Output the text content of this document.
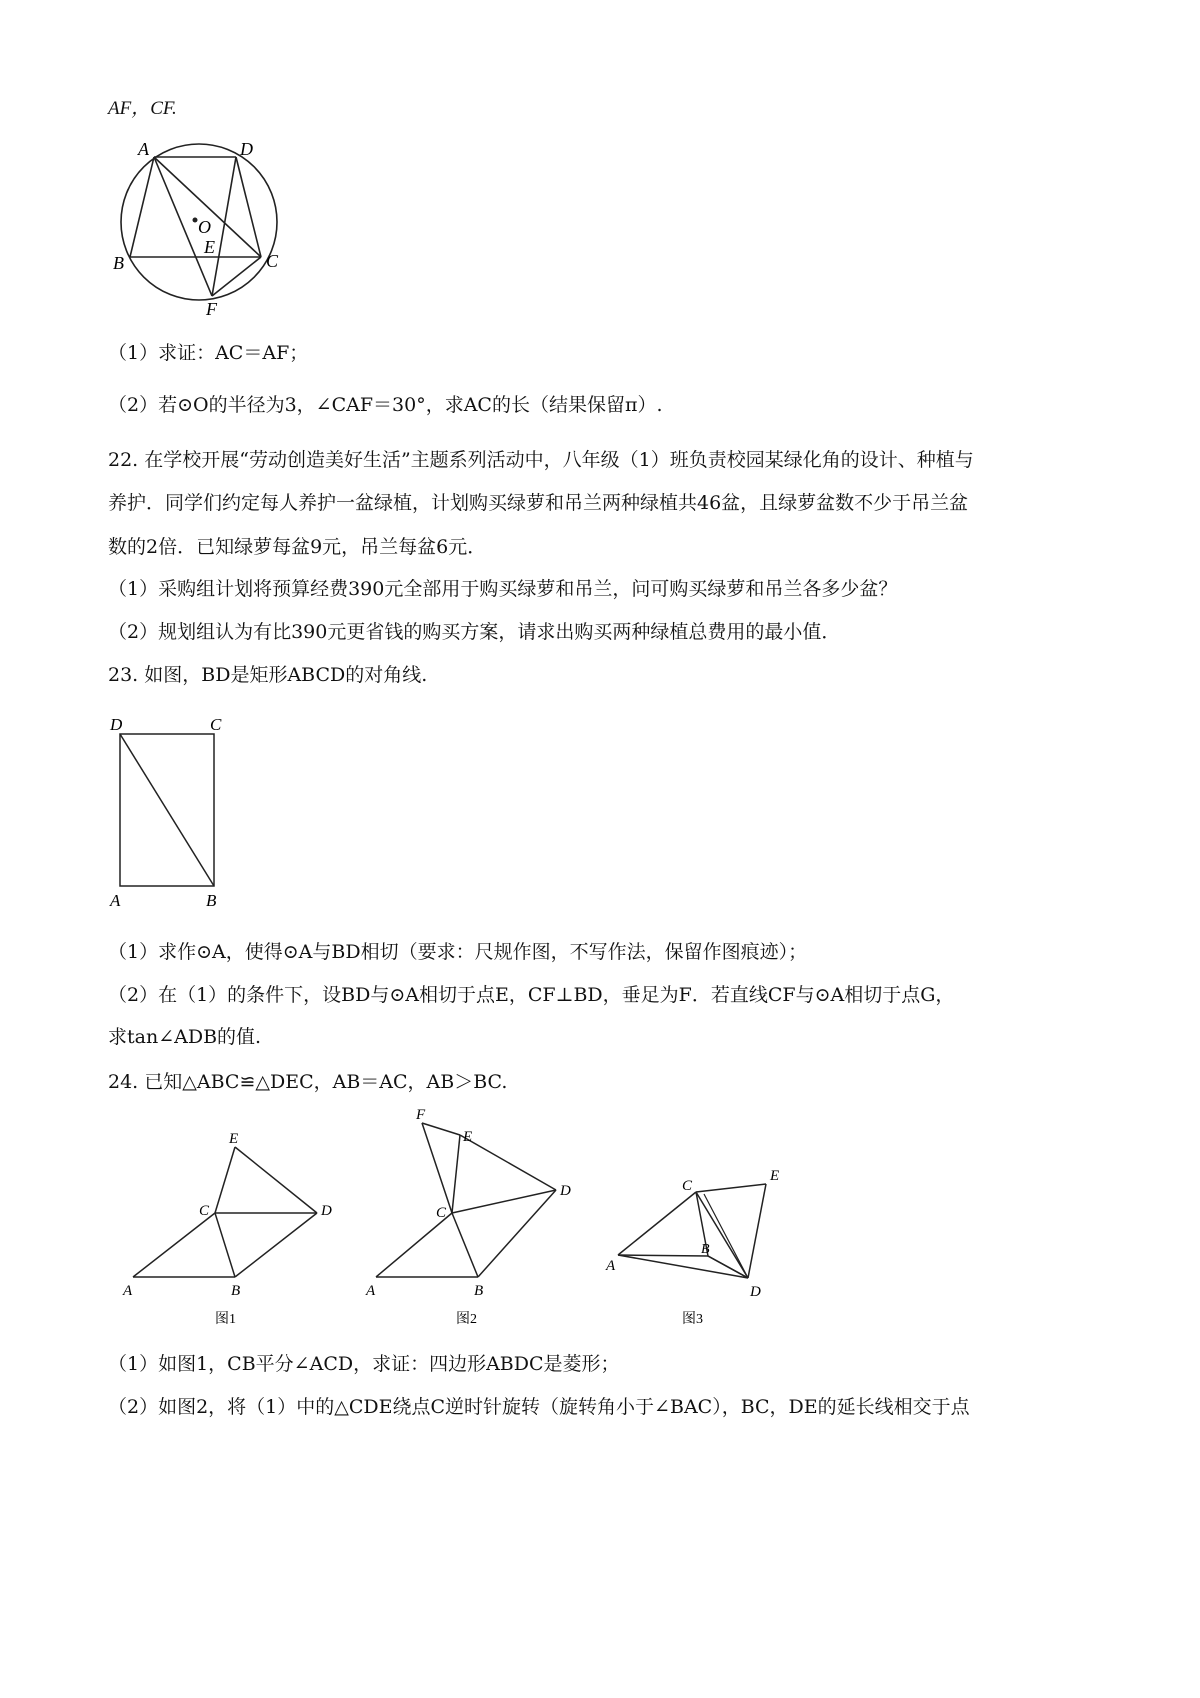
AF，CF.
A	D
O
E
B	C
F
（1）求证：AC＝AF；
（2）若⊙O的半径为3，∠CAF＝30°，求AC的长（结果保留π）.
22. 在学校开展“劳动创造美好生活”主题系列活动中，八年级（1）班负责校园某绿化角的设计、种植与
养护．同学们约定每人养护一盆绿植，计划购买绿萝和吊兰两种绿植共46盆，且绿萝盆数不少于吊兰盆
数的2倍．已知绿萝每盆9元，吊兰每盆6元．
（1）采购组计划将预算经费390元全部用于购买绿萝和吊兰，问可购买绿萝和吊兰各多少盆？
（2）规划组认为有比390元更省钱的购买方案，请求出购买两种绿植总费用的最小值．
23. 如图，BD是矩形ABCD的对角线.
D	C
A	B
（1）求作⊙A，使得⊙A与BD相切（要求：尺规作图，不写作法，保留作图痕迹）；
（2）在（1）的条件下，设BD与⊙A相切于点E，CF⊥BD，垂足为F．若直线CF与⊙A相切于点G，
求tan∠ADB的值.
24. 已知△ABC≌△DEC，AB＝AC，AB＞BC.
E
C	D
A	B
图1
F
E
C
D
A	B
图2
C
E
B
A
D
图3
（1）如图1，CB平分∠ACD，求证：四边形ABDC是菱形；
（2）如图2，将（1）中的△CDE绕点C逆时针旋转（旋转角小于∠BAC），BC，DE的延长线相交于点
